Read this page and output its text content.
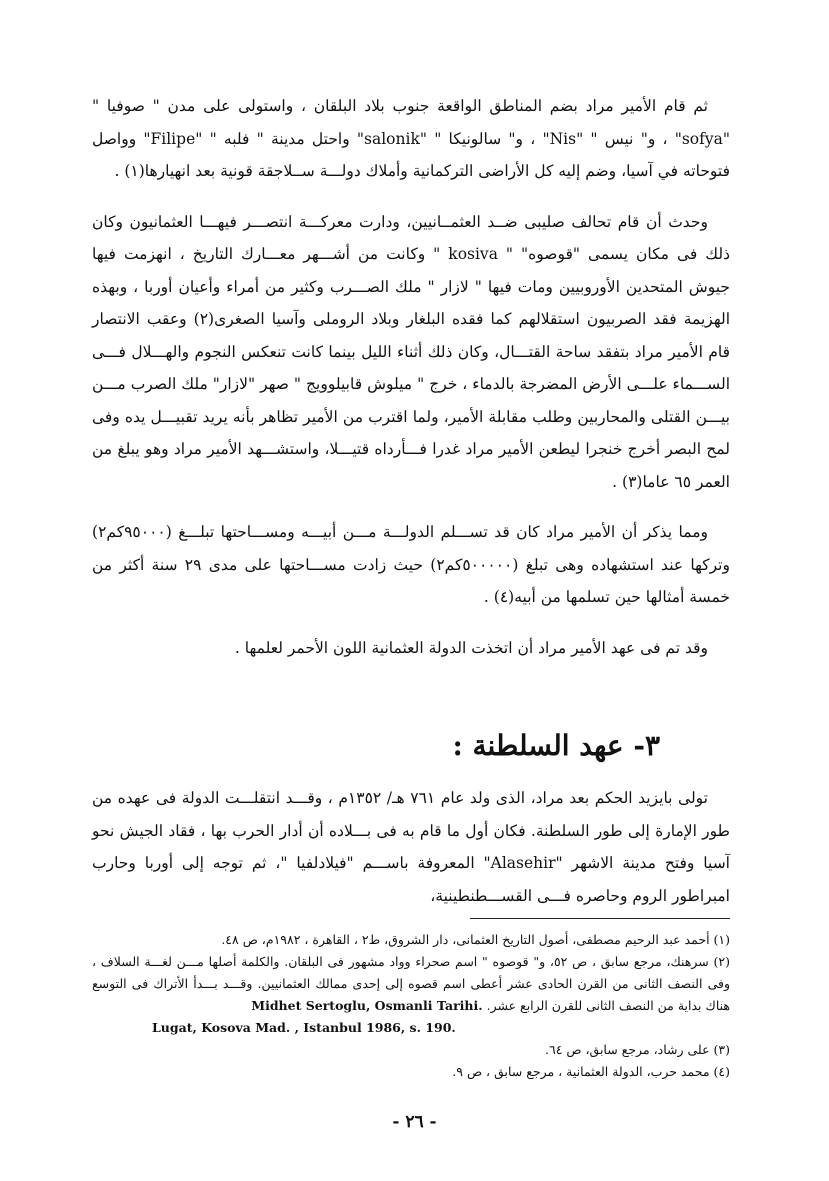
ثم قام الأمير مراد بضم المناطق الواقعة جنوب بلاد البلقان ، واستولى على مدن " صوفيا " "sofya" ، و" نيس " "Nis" ، و" سالونيكا " "salonik" واحتل مدينة " فلبه " "Filipe" وواصل فتوحاته في آسيا، وضم إليه كل الأراضى التركمانية وأملاك دولـــة ســلاجقة قونية بعد انهيارها(١) .

وحدث أن قام تحالف صليبى ضــد العثمــانيين، ودارت معركـــة انتصـــر فيهـــا العثمانيون وكان ذلك فى مكان يسمى "قوصوه" " kosiva " وكانت من أشـــهر معـــارك التاريخ ، انهزمت فيها جيوش المتحدين الأوروبيين ومات فيها " لازار " ملك الصـــرب وكثير من أمراء وأعيان أوربا ، وبهذه الهزيمة فقد الصربيون استقلالهم كما فقده البلغار وبلاد الروملى وآسيا الصغرى(٢) وعقب الانتصار قام الأمير مراد بتفقد ساحة القتـــال، وكان ذلك أثناء الليل بينما كانت تنعكس النجوم والهـــلال فـــى الســـماء علـــى الأرض المضرجة بالدماء ، خرج " ميلوش قابيلوويج " صهر "لازار" ملك الصرب مـــن بيـــن القتلى والمحاربين وطلب مقابلة الأمير، ولما اقترب من الأمير تظاهر بأنه يريد تقبيـــل يده وفى لمح البصر أخرج خنجرا ليطعن الأمير مراد غدرا فـــأرداه قتيـــلا، واستشـــهد الأمير مراد وهو يبلغ من العمر ٦٥ عاما(٣) .

ومما يذكر أن الأمير مراد كان قد تســـلم الدولـــة مـــن أبيـــه ومســـاحتها تبلـــغ (٩٥٠٠٠كم٢) وتركها عند استشهاده وهى تبلغ (٥٠٠٠٠٠كم٢) حيث زادت مســـاحتها على مدى ٢٩ سنة أكثر من خمسة أمثالها حين تسلمها من أبيه(٤) .

وقد تم فى عهد الأمير مراد أن اتخذت الدولة العثمانية اللون الأحمر لعلمها .

٣- عهد السلطنة :

تولى بايزيد الحكم بعد مراد، الذى ولد عام ٧٦١ هـ/ ١٣٥٢م ، وقـــد انتقلـــت الدولة فى عهده من طور الإمارة إلى طور السلطنة. فكان أول ما قام به فى بـــلاده أن أدار الحرب بها ، فقاد الجيش نحو آسيا وفتح مدينة الاشهر "Alasehir" المعروفة باســـم "فيلادلفيا "، ثم توجه إلى أوربا وحارب امبراطور الروم وحاصره فـــى القســـطنطينية،

(١) أحمد عبد الرحيم مصطفى، أصول التاريخ العثمانى، دار الشروق، ط٢ ، القاهرة ، ١٩٨٢م، ص ٤٨.

(٢) سرهنك، مرجع سابق ، ص ٥٢، و" قوصوه " اسم صحراء وواد مشهور فى البلقان. والكلمة أصلها مـــن لغـــة السلاف ، وفى النصف الثانى من القرن الحادى عشر أعطى اسم قصوه إلى إحدى ممالك العثمانيين. وقـــد بـــدأ الأتراك فى التوسع هناك بداية من النصف الثانى للقرن الرابع عشر. Midhet Sertoglu, Osmanli Tarihi.

Lugat, Kosova Mad. , Istanbul 1986, s. 190.

(٣) على رشاد، مرجع سابق، ص ٦٤.

(٤) محمد حرب، الدولة العثمانية ، مرجع سابق ، ص ٩.

- ٢٦ -
